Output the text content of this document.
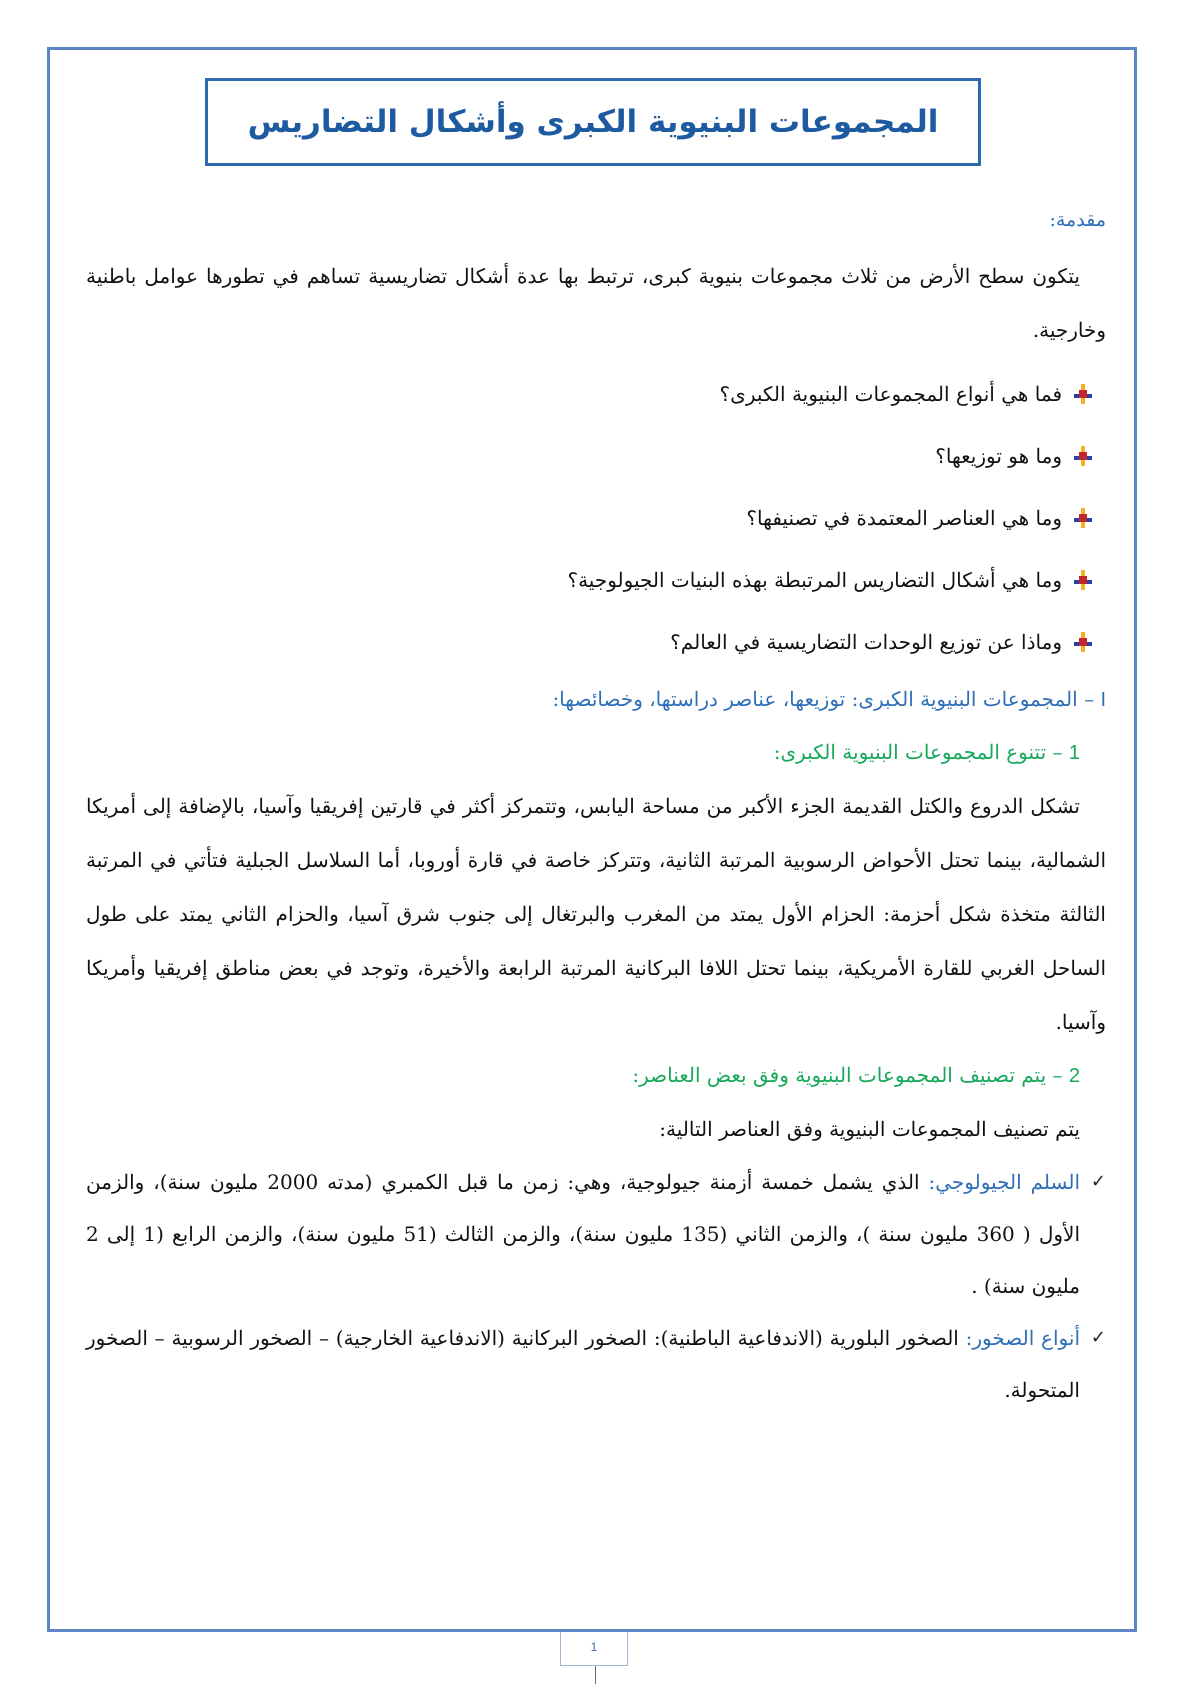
المجموعات البنيوية الكبرى وأشكال التضاريس

مقدمة:

يتكون سطح الأرض من ثلاث مجموعات بنيوية كبرى، ترتبط بها عدة أشكال تضاريسية تساهم في تطورها عوامل باطنية وخارجية.

فما هي أنواع المجموعات البنيوية الكبرى؟
وما هو توزيعها؟
وما هي العناصر المعتمدة في تصنيفها؟
وما هي أشكال التضاريس المرتبطة بهذه البنيات الجيولوجية؟
وماذا عن توزيع الوحدات التضاريسية في العالم؟

I – المجموعات البنيوية الكبرى: توزيعها، عناصر دراستها، وخصائصها:

1 – تتنوع المجموعات البنيوية الكبرى:

تشكل الدروع والكتل القديمة الجزء الأكبر من مساحة اليابس، وتتمركز أكثر في قارتين إفريقيا وآسيا، بالإضافة إلى أمريكا الشمالية، بينما تحتل الأحواض الرسوبية المرتبة الثانية، وتتركز خاصة في قارة أوروبا، أما السلاسل الجبلية فتأتي في المرتبة الثالثة متخذة شكل أحزمة: الحزام الأول يمتد من المغرب والبرتغال إلى جنوب شرق آسيا، والحزام الثاني يمتد على طول الساحل الغربي للقارة الأمريكية، بينما تحتل اللافا البركانية المرتبة الرابعة والأخيرة، وتوجد في بعض مناطق إفريقيا وأمريكا وآسيا.

2 – يتم تصنيف المجموعات البنيوية وفق بعض العناصر:

يتم تصنيف المجموعات البنيوية وفق العناصر التالية:

✓
السلم الجيولوجي: الذي يشمل خمسة أزمنة جيولوجية، وهي: زمن ما قبل الكمبري (مدته 2000 مليون سنة)، والزمن الأول ( 360 مليون سنة )، والزمن الثاني (135 مليون سنة)، والزمن الثالث (51 مليون سنة)، والزمن الرابع (1 إلى 2 مليون سنة) .
✓
أنواع الصخور: الصخور البلورية (الاندفاعية الباطنية): الصخور البركانية (الاندفاعية الخارجية) – الصخور الرسوبية – الصخور المتحولة.
1
